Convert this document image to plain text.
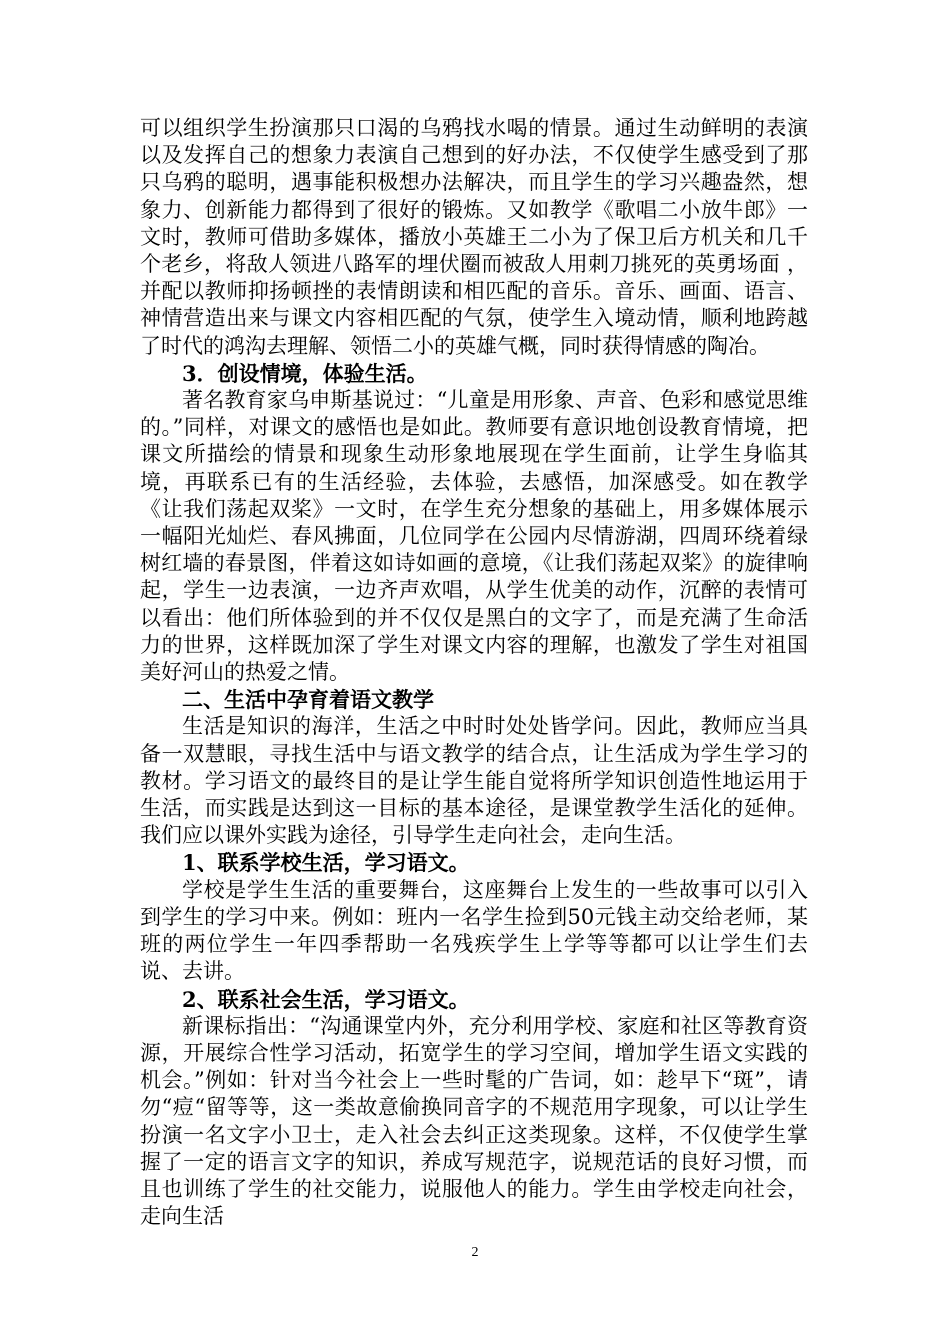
可以组织学生扮演那只口渴的乌鸦找水喝的情景。通过生动鲜明的表演以及发挥自己的想象力表演自己想到的好办法，不仅使学生感受到了那只乌鸦的聪明，遇事能积极想办法解决，而且学生的学习兴趣盎然，想象力、创新能力都得到了很好的锻炼。又如教学《歌唱二小放牛郎》一文时，教师可借助多媒体，播放小英雄王二小为了保卫后方机关和几千个老乡，将敌人领进八路军的埋伏圈而被敌人用刺刀挑死的英勇场面 ，并配以教师抑扬顿挫的表情朗读和相匹配的音乐。音乐、画面、语言、神情营造出来与课文内容相匹配的气氛，使学生入境动情，顺利地跨越了时代的鸿沟去理解、领悟二小的英雄气概，同时获得情感的陶冶。

3．创设情境，体验生活。

著名教育家乌申斯基说过：“儿童是用形象、声音、色彩和感觉思维的。”同样，对课文的感悟也是如此。教师要有意识地创设教育情境，把课文所描绘的情景和现象生动形象地展现在学生面前，让学生身临其境，再联系已有的生活经验，去体验，去感悟，加深感受。如在教学《让我们荡起双桨》一文时，在学生充分想象的基础上，用多媒体展示一幅阳光灿烂、春风拂面，几位同学在公园内尽情游湖，四周环绕着绿树红墙的春景图，伴着这如诗如画的意境，《让我们荡起双桨》的旋律响起，学生一边表演，一边齐声欢唱，从学生优美的动作，沉醉的表情可以看出：他们所体验到的并不仅仅是黑白的文字了，而是充满了生命活力的世界，这样既加深了学生对课文内容的理解，也激发了学生对祖国美好河山的热爱之情。

二、生活中孕育着语文教学

生活是知识的海洋，生活之中时时处处皆学问。因此，教师应当具备一双慧眼，寻找生活中与语文教学的结合点，让生活成为学生学习的教材。学习语文的最终目的是让学生能自觉将所学知识创造性地运用于生活，而实践是达到这一目标的基本途径，是课堂教学生活化的延伸。我们应以课外实践为途径，引导学生走向社会，走向生活。

1、联系学校生活，学习语文。

学校是学生生活的重要舞台，这座舞台上发生的一些故事可以引入到学生的学习中来。例如：班内一名学生捡到50元钱主动交给老师，某班的两位学生一年四季帮助一名残疾学生上学等等都可以让学生们去说、去讲。

2、联系社会生活，学习语文。

新课标指出：“沟通课堂内外，充分利用学校、家庭和社区等教育资源，开展综合性学习活动，拓宽学生的学习空间，增加学生语文实践的机会。”例如：针对当今社会上一些时髦的广告词，如：趁早下“斑”，请勿“痘“留等等，这一类故意偷换同音字的不规范用字现象，可以让学生扮演一名文字小卫士，走入社会去纠正这类现象。这样，不仅使学生掌握了一定的语言文字的知识，养成写规范字，说规范话的良好习惯，而且也训练了学生的社交能力，说服他人的能力。学生由学校走向社会，走向生活

2
